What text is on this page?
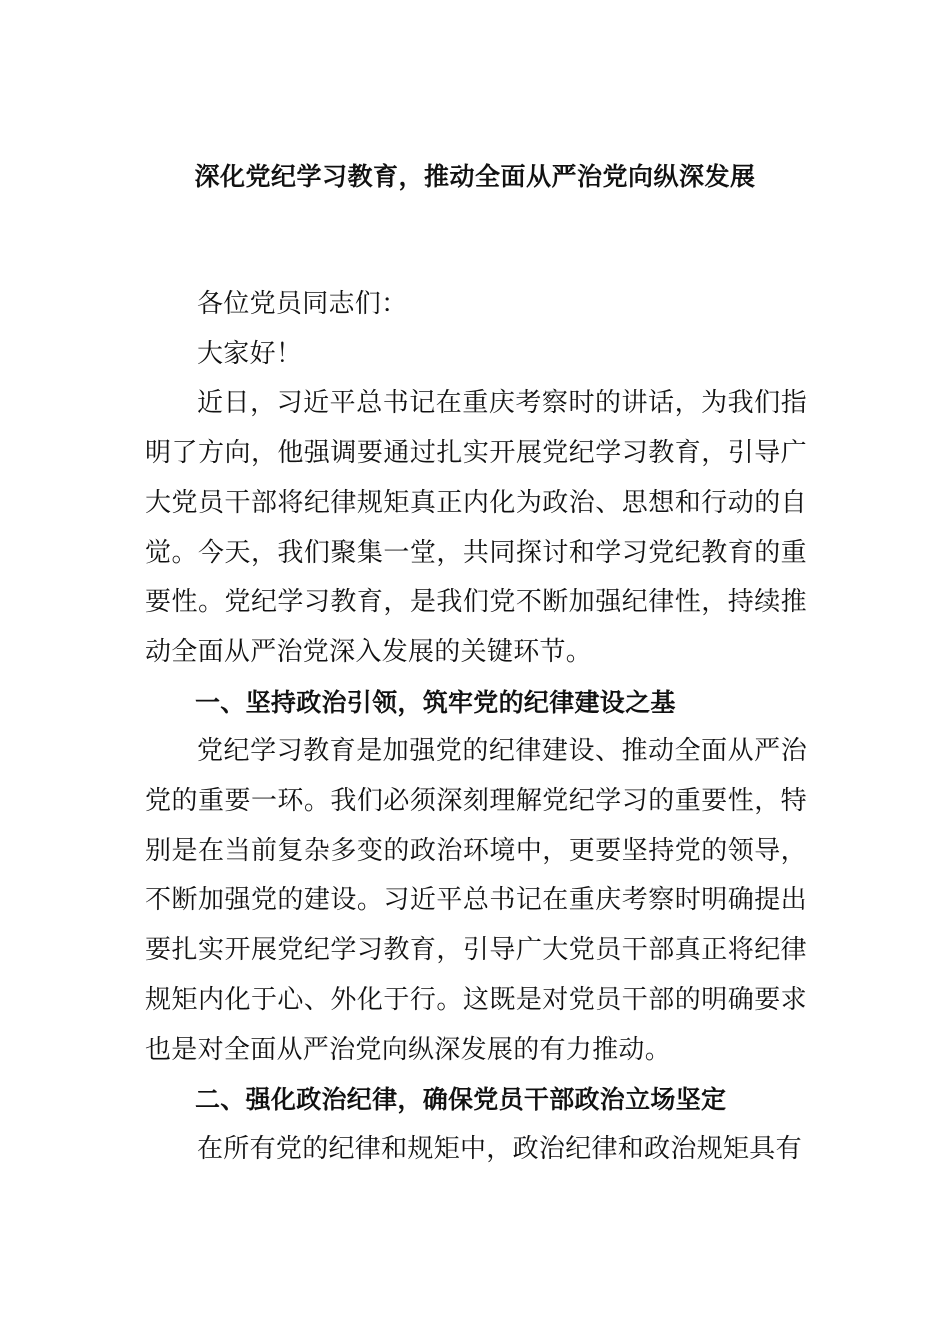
深化党纪学习教育，推动全面从严治党向纵深发展

各位党员同志们：

大家好！

近日，习近平总书记在重庆考察时的讲话，为我们指明了方向，他强调要通过扎实开展党纪学习教育，引导广大党员干部将纪律规矩真正内化为政治、思想和行动的自觉。今天，我们聚集一堂，共同探讨和学习党纪教育的重要性。党纪学习教育，是我们党不断加强纪律性，持续推动全面从严治党深入发展的关键环节。

一、坚持政治引领，筑牢党的纪律建设之基

党纪学习教育是加强党的纪律建设、推动全面从严治党的重要一环。我们必须深刻理解党纪学习的重要性，特别是在当前复杂多变的政治环境中，更要坚持党的领导，不断加强党的建设。习近平总书记在重庆考察时明确提出要扎实开展党纪学习教育，引导广大党员干部真正将纪律规矩内化于心、外化于行。这既是对党员干部的明确要求也是对全面从严治党向纵深发展的有力推动。

二、强化政治纪律，确保党员干部政治立场坚定

在所有党的纪律和规矩中，政治纪律和政治规矩具有
